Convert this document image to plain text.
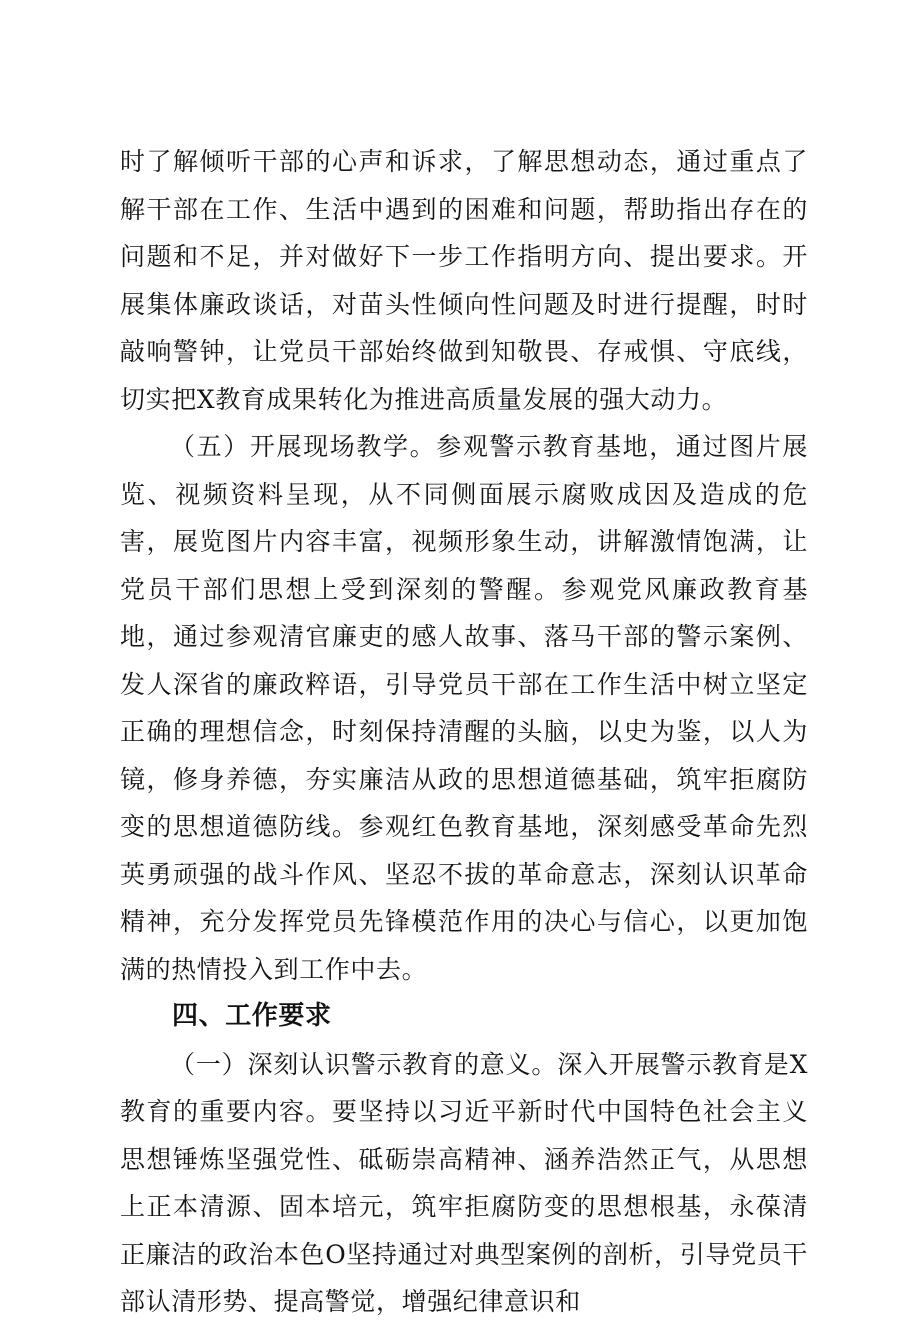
时了解倾听干部的心声和诉求，了解思想动态，通过重点了解干部在工作、生活中遇到的困难和问题，帮助指出存在的问题和不足，并对做好下一步工作指明方向、提出要求。开展集体廉政谈话，对苗头性倾向性问题及时进行提醒，时时敲响警钟，让党员干部始终做到知敬畏、存戒惧、守底线，切实把X教育成果转化为推进高质量发展的强大动力。

（五）开展现场教学。参观警示教育基地，通过图片展览、视频资料呈现，从不同侧面展示腐败成因及造成的危害，展览图片内容丰富，视频形象生动，讲解激情饱满，让党员干部们思想上受到深刻的警醒。参观党风廉政教育基地，通过参观清官廉吏的感人故事、落马干部的警示案例、发人深省的廉政粹语，引导党员干部在工作生活中树立坚定正确的理想信念，时刻保持清醒的头脑，以史为鉴，以人为镜，修身养德，夯实廉洁从政的思想道德基础，筑牢拒腐防变的思想道德防线。参观红色教育基地，深刻感受革命先烈英勇顽强的战斗作风、坚忍不拔的革命意志，深刻认识革命精神，充分发挥党员先锋模范作用的决心与信心，以更加饱满的热情投入到工作中去。

四、工作要求

（一）深刻认识警示教育的意义。深入开展警示教育是X教育的重要内容。要坚持以习近平新时代中国特色社会主义思想锤炼坚强党性、砥砺崇高精神、涵养浩然正气，从思想上正本清源、固本培元，筑牢拒腐防变的思想根基，永葆清正廉洁的政治本色O坚持通过对典型案例的剖析，引导党员干部认清形势、提高警觉，增强纪律意识和
